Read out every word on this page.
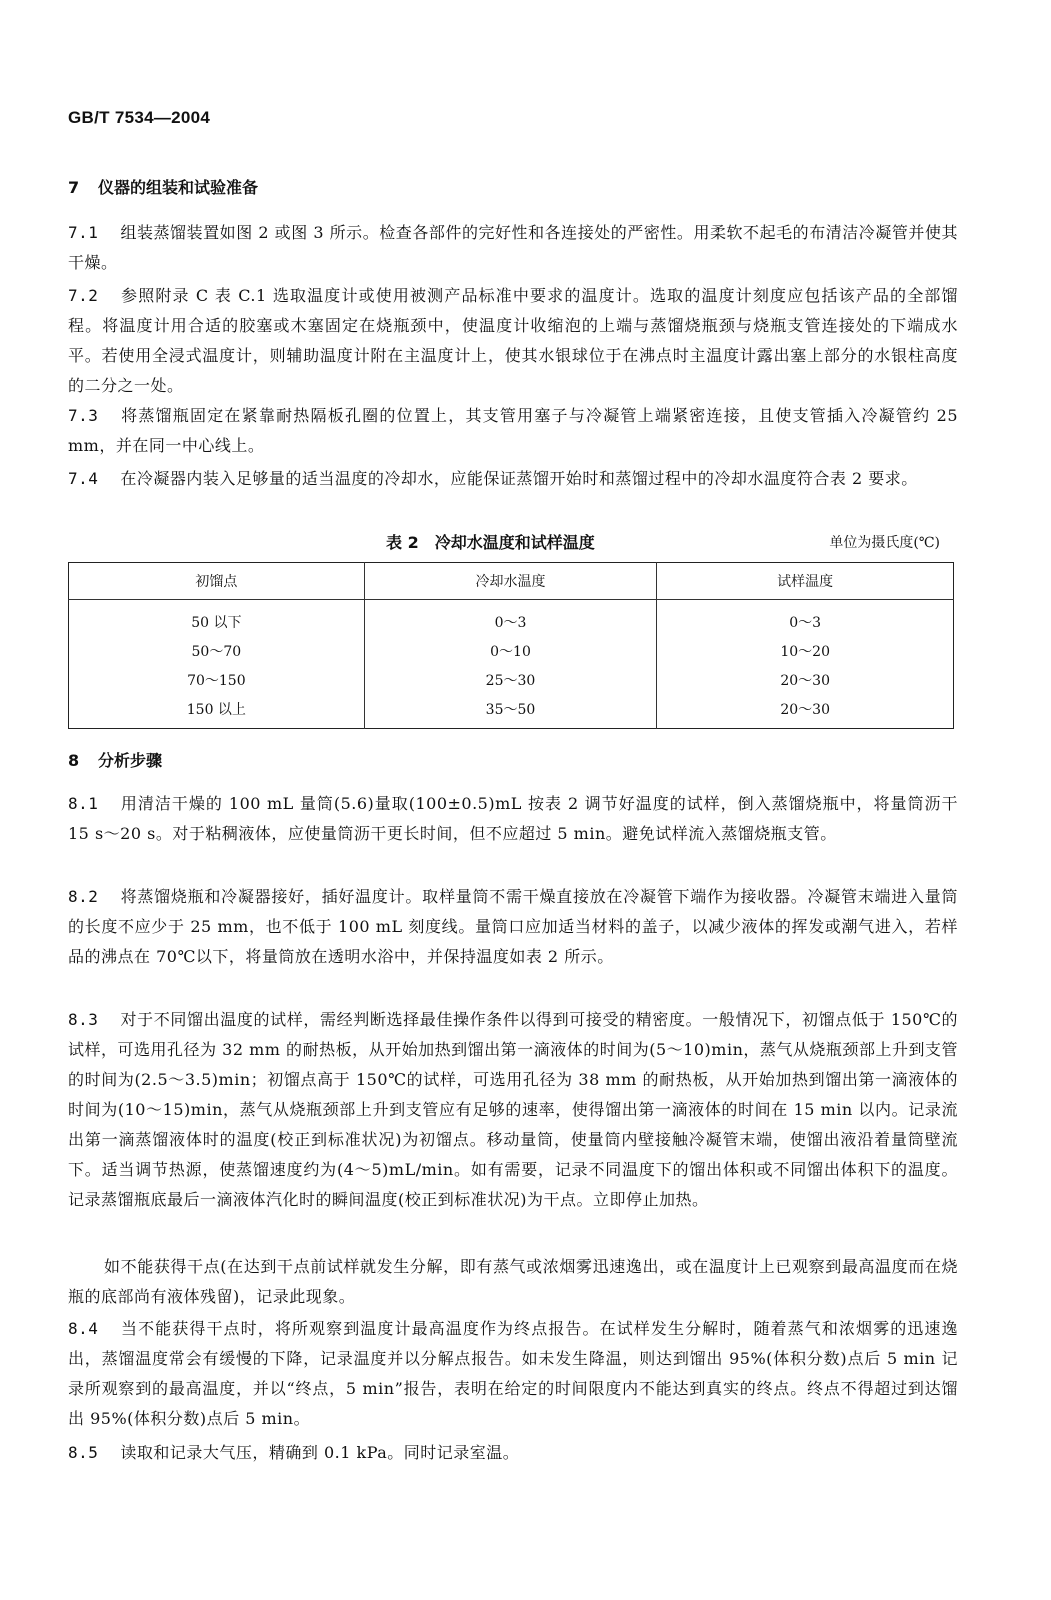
GB/T 7534—2004
7 仪器的组装和试验准备
7.1 组装蒸馏装置如图 2 或图 3 所示。检查各部件的完好性和各连接处的严密性。用柔软不起毛的布清洁冷凝管并使其干燥。
7.2 参照附录 C 表 C.1 选取温度计或使用被测产品标准中要求的温度计。选取的温度计刻度应包括该产品的全部馏程。将温度计用合适的胶塞或木塞固定在烧瓶颈中，使温度计收缩泡的上端与蒸馏烧瓶颈与烧瓶支管连接处的下端成水平。若使用全浸式温度计，则辅助温度计附在主温度计上，使其水银球位于在沸点时主温度计露出塞上部分的水银柱高度的二分之一处。
7.3 将蒸馏瓶固定在紧靠耐热隔板孔圈的位置上，其支管用塞子与冷凝管上端紧密连接，且使支管插入冷凝管约 25 mm，并在同一中心线上。
7.4 在冷凝器内装入足够量的适当温度的冷却水，应能保证蒸馏开始时和蒸馏过程中的冷却水温度符合表 2 要求。
表 2　冷却水温度和试样温度	单位为摄氏度(℃)
初馏点	冷却水温度	试样温度
50 以下	0～3	0～3
50～70	0～10	10～20
70～150	25～30	20～30
150 以上	35～50	20～30
8 分析步骤
8.1 用清洁干燥的 100 mL 量筒(5.6)量取(100±0.5)mL 按表 2 调节好温度的试样，倒入蒸馏烧瓶中，将量筒沥干 15 s～20 s。对于粘稠液体，应使量筒沥干更长时间，但不应超过 5 min。避免试样流入蒸馏烧瓶支管。
8.2 将蒸馏烧瓶和冷凝器接好，插好温度计。取样量筒不需干燥直接放在冷凝管下端作为接收器。冷凝管末端进入量筒的长度不应少于 25 mm，也不低于 100 mL 刻度线。量筒口应加适当材料的盖子，以减少液体的挥发或潮气进入，若样品的沸点在 70℃以下，将量筒放在透明水浴中，并保持温度如表 2 所示。
8.3 对于不同馏出温度的试样，需经判断选择最佳操作条件以得到可接受的精密度。一般情况下，初馏点低于 150℃的试样，可选用孔径为 32 mm 的耐热板，从开始加热到馏出第一滴液体的时间为(5～10)min，蒸气从烧瓶颈部上升到支管的时间为(2.5～3.5)min；初馏点高于 150℃的试样，可选用孔径为 38 mm 的耐热板，从开始加热到馏出第一滴液体的时间为(10～15)min，蒸气从烧瓶颈部上升到支管应有足够的速率，使得馏出第一滴液体的时间在 15 min 以内。记录流出第一滴蒸馏液体时的温度(校正到标准状况)为初馏点。移动量筒，使量筒内壁接触冷凝管末端，使馏出液沿着量筒壁流下。适当调节热源，使蒸馏速度约为(4～5)mL/min。如有需要，记录不同温度下的馏出体积或不同馏出体积下的温度。记录蒸馏瓶底最后一滴液体汽化时的瞬间温度(校正到标准状况)为干点。立即停止加热。
如不能获得干点(在达到干点前试样就发生分解，即有蒸气或浓烟雾迅速逸出，或在温度计上已观察到最高温度而在烧瓶的底部尚有液体残留)，记录此现象。
8.4 当不能获得干点时，将所观察到温度计最高温度作为终点报告。在试样发生分解时，随着蒸气和浓烟雾的迅速逸出，蒸馏温度常会有缓慢的下降，记录温度并以分解点报告。如未发生降温，则达到馏出 95%(体积分数)点后 5 min 记录所观察到的最高温度，并以“终点，5 min”报告，表明在给定的时间限度内不能达到真实的终点。终点不得超过到达馏出 95%(体积分数)点后 5 min。
8.5 读取和记录大气压，精确到 0.1 kPa。同时记录室温。
